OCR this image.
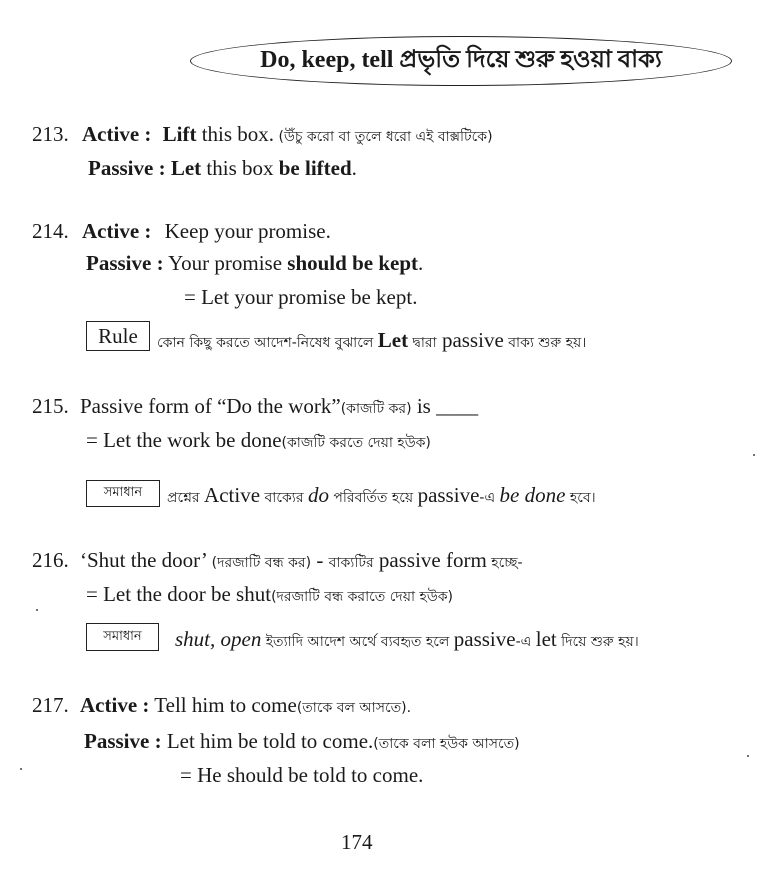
Do, keep, tell প্রভৃতি দিয়ে শুরু হওয়া বাক্য
213. Active : Lift this box. (উঁচু করো বা তুলে ধরো এই বাক্সটিকে)
Passive : Let this box be lifted.
214. Active : Keep your promise.
Passive : Your promise should be kept.
= Let your promise be kept.
Rule কোন কিছু করতে আদেশ-নিষেধ বুঝালে Let দ্বারা passive বাক্য শুরু হয়।
215. Passive form of “Do the work”(কাজটি কর) is ____
= Let the work be done(কাজটি করতে দেয়া হউক)
সমাধান প্রশ্নের Active বাক্যের do পরিবর্তিত হয়ে passive-এ be done হবে।
216. ‘Shut the door’ (দরজাটি বন্ধ কর) - বাক্যটির passive form হচ্ছে-
= Let the door be shut(দরজাটি বন্ধ করাতে দেয়া হউক)
সমাধান shut, open ইত্যাদি আদেশ অর্থে ব্যবহৃত হলে passive-এ let দিয়ে শুরু হয়।
217. Active : Tell him to come(তাকে বল আসতে).
Passive : Let him be told to come.(তাকে বলা হউক আসতে)
= He should be told to come.
174
